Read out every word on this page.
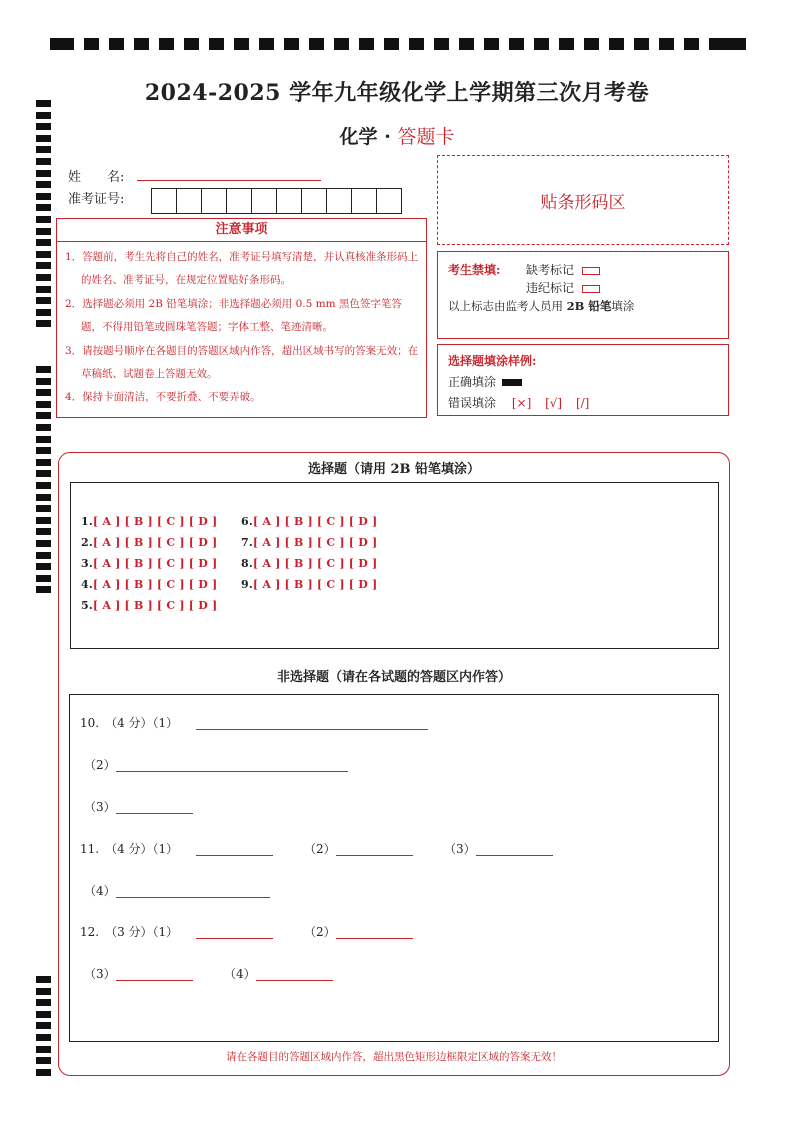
2024-2025 学年九年级化学上学期第三次月考卷
化学 · 答题卡
姓　　名:
准考证号:	贴条形码区
注意事项
1．答题前，考生先将自己的姓名，准考证号填写清楚，并认真核准条形码上的姓名、准考证号，在规定位置贴好条形码。
2．选择题必须用 2B 铅笔填涂；非选择题必须用 0.5 mm 黑色签字笔答题，不得用铅笔或圆珠笔答题；字体工整、笔迹清晰。
3．请按题号顺序在各题目的答题区域内作答，超出区域书写的答案无效；在草稿纸、试题卷上答题无效。
4．保持卡面清洁，不要折叠、不要弄破。
考生禁填: 缺考标记
违纪标记
以上标志由监考人员用 2B 铅笔填涂
选择题填涂样例:
正确填涂
错误填涂 [×] [√] [/]
选择题（请用 2B 铅笔填涂）
1.[ A ] [ B ] [ C ] [ D ]
2.[ A ] [ B ] [ C ] [ D ]
3.[ A ] [ B ] [ C ] [ D ]
4.[ A ] [ B ] [ C ] [ D ]
5.[ A ] [ B ] [ C ] [ D ]
6.[ A ] [ B ] [ C ] [ D ]
7.[ A ] [ B ] [ C ] [ D ]
8.[ A ] [ B ] [ C ] [ D ]
9.[ A ] [ B ] [ C ] [ D ]
非选择题（请在各试题的答题区内作答）
10.　（4 分）（1）
（2）
（3）
11.　（4 分）（1）	（2）	（3）
（4）
12.　（3 分）（1）	（2）
（3）	（4）
请在各题目的答题区域内作答，超出黑色矩形边框限定区域的答案无效！
